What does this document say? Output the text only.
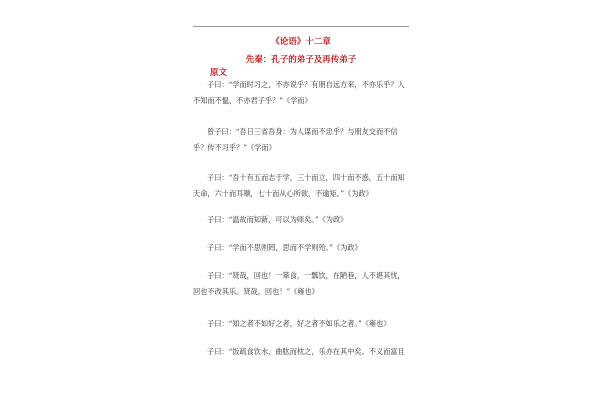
《论语》十二章
先秦：孔子的弟子及再传弟子
原文
子曰：“学而时习之，不亦说乎？有朋自远方来，不亦乐乎？人
不知而不愠，不亦君子乎？”《学而》
曾子曰：“吾日三省吾身：为人谋而不忠乎？与朋友交而不信
乎？传不习乎？”《学而》
子曰：“吾十有五而志于学，三十而立，四十而不惑，五十而知
天命，六十而耳顺，七十而从心所欲，不逾矩。”《为政》
子曰：“温故而知新，可以为师矣。”《为政》
子曰：“学而不思则罔，思而不学则殆。”《为政》
子曰：“贤哉，回也！一箪食，一瓢饮，在陋巷，人不堪其忧，
回也不改其乐。贤哉，回也！”《雍也》
子曰：“知之者不如好之者，好之者不如乐之者。”《雍也》
子曰：“饭疏食饮水，曲肱而枕之，乐亦在其中矣。不义而富且
